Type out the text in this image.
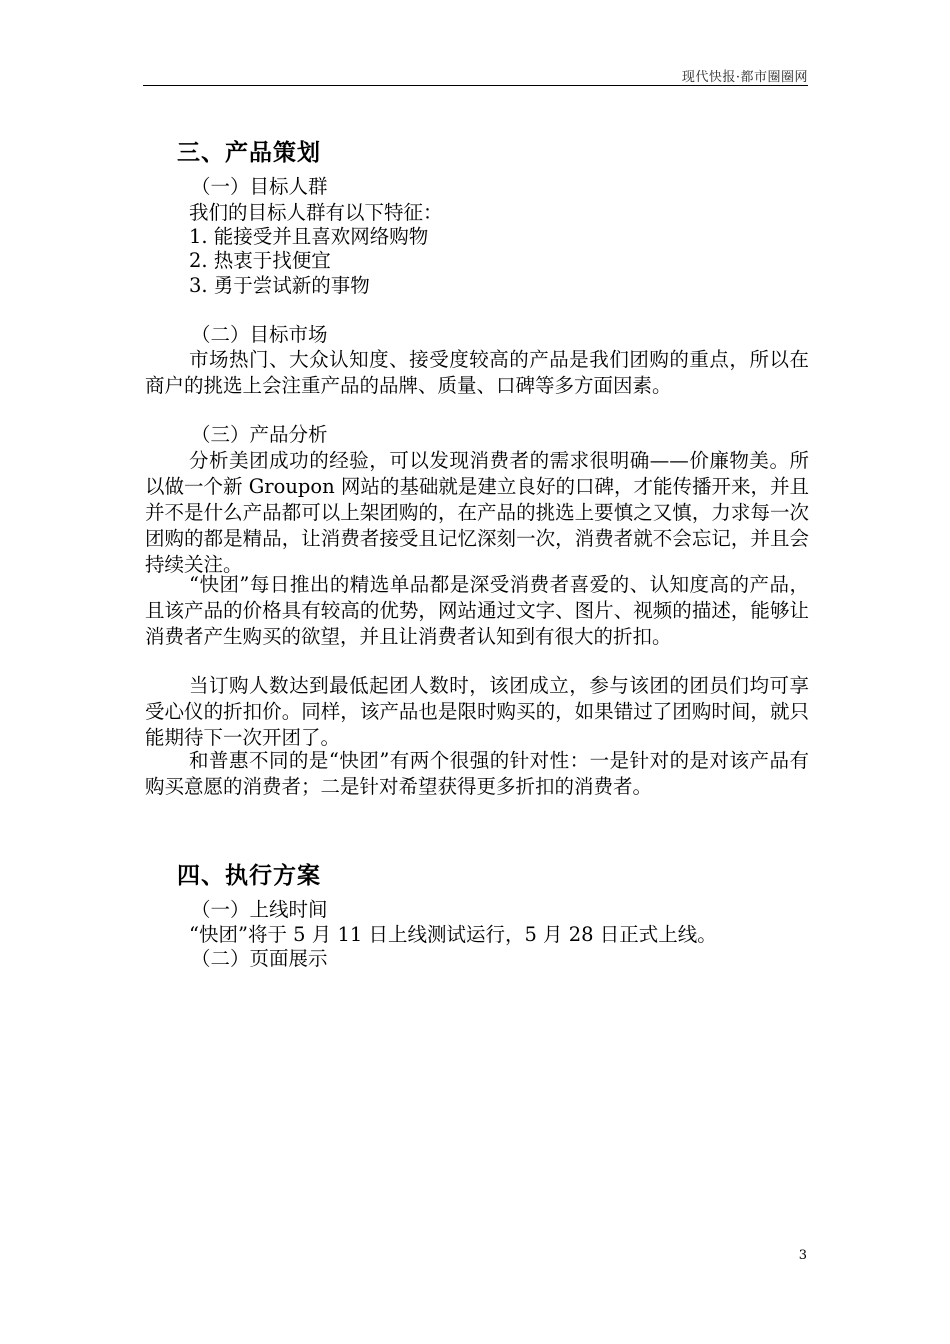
现代快报·都市圈圈网
三、产品策划
（一）目标人群
我们的目标人群有以下特征：
1. 能接受并且喜欢网络购物
2. 热衷于找便宜
3. 勇于尝试新的事物
（二）目标市场
市场热门、大众认知度、接受度较高的产品是我们团购的重点，所以在商户的挑选上会注重产品的品牌、质量、口碑等多方面因素。
（三）产品分析
分析美团成功的经验，可以发现消费者的需求很明确——价廉物美。所以做一个新 Groupon 网站的基础就是建立良好的口碑，才能传播开来，并且并不是什么产品都可以上架团购的，在产品的挑选上要慎之又慎，力求每一次团购的都是精品，让消费者接受且记忆深刻一次，消费者就不会忘记，并且会持续关注。
“快团”每日推出的精选单品都是深受消费者喜爱的、认知度高的产品，且该产品的价格具有较高的优势，网站通过文字、图片、视频的描述，能够让消费者产生购买的欲望，并且让消费者认知到有很大的折扣。
当订购人数达到最低起团人数时，该团成立，参与该团的团员们均可享受心仪的折扣价。同样，该产品也是限时购买的，如果错过了团购时间，就只能期待下一次开团了。
和普惠不同的是“快团”有两个很强的针对性：一是针对的是对该产品有购买意愿的消费者；二是针对希望获得更多折扣的消费者。
四、执行方案
（一）上线时间
“快团”将于 5 月 11 日上线测试运行，5 月 28 日正式上线。
（二）页面展示
3
